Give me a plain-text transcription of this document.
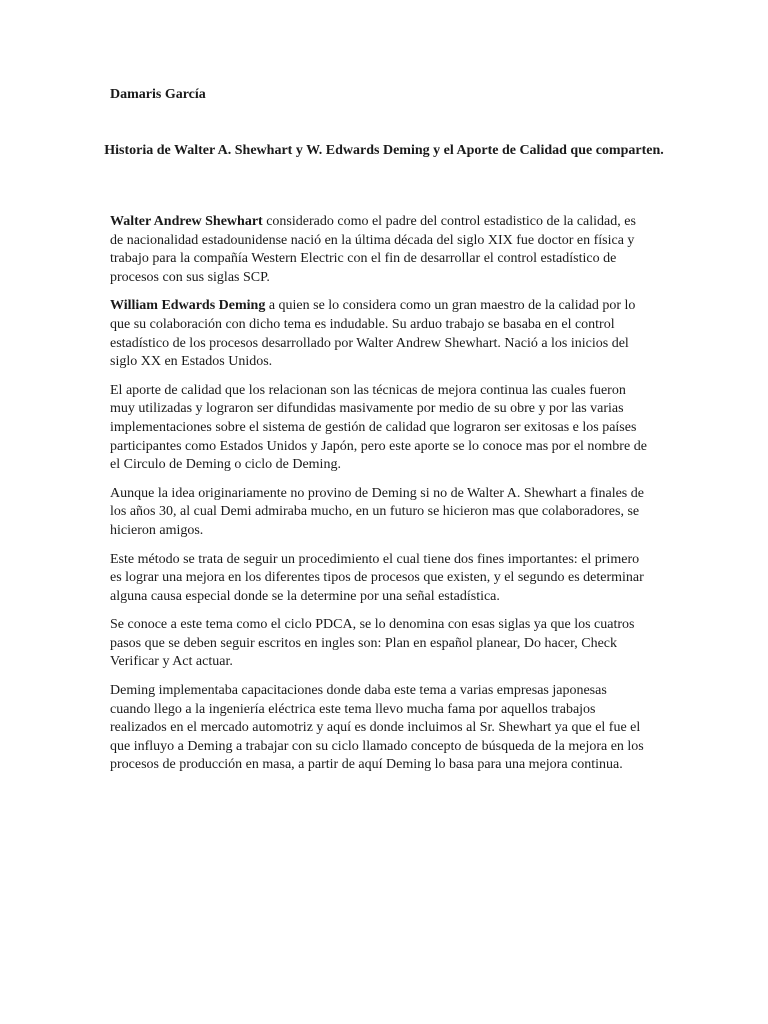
Damaris García
Historia de Walter A. Shewhart y W. Edwards Deming y el Aporte de Calidad que comparten.

Walter Andrew Shewhart considerado como el padre del control estadistico de la calidad, es de nacionalidad estadounidense nació en la última década del siglo XIX fue doctor en física y trabajo para la compañía Western Electric con el fin de desarrollar el control estadístico de procesos con sus siglas SCP.

William Edwards Deming a quien se lo considera como un gran maestro de la calidad por lo que su colaboración con dicho tema es indudable. Su arduo trabajo se basaba en el control estadístico de los procesos desarrollado por Walter Andrew Shewhart. Nació a los inicios del siglo XX en Estados Unidos.

El aporte de calidad que los relacionan son las técnicas de mejora continua las cuales fueron muy utilizadas y lograron ser difundidas masivamente por medio de su obre y por las varias implementaciones sobre el sistema de gestión de calidad que lograron ser exitosas e los países participantes como Estados Unidos y Japón, pero este aporte se lo conoce mas por el nombre de el Circulo de Deming o ciclo de Deming.

Aunque la idea originariamente no provino de Deming si no de Walter A. Shewhart a finales de los años 30, al cual Demi admiraba mucho, en un futuro se hicieron mas que colaboradores, se hicieron amigos.

Este método se trata de seguir un procedimiento el cual tiene dos fines importantes: el primero es lograr una mejora en los diferentes tipos de procesos que existen, y el segundo es determinar alguna causa especial donde se la determine por una señal estadística.

Se conoce a este tema como el ciclo PDCA, se lo denomina con esas siglas ya que los cuatros pasos que se deben seguir escritos en ingles son: Plan en español planear, Do hacer, Check Verificar y Act actuar.

Deming implementaba capacitaciones donde daba este tema a varias empresas japonesas cuando llego a la ingeniería eléctrica este tema llevo mucha fama por aquellos trabajos realizados en el mercado automotriz y aquí es donde incluimos al Sr. Shewhart ya que el fue el que influyo a Deming a trabajar con su ciclo llamado concepto de búsqueda de la mejora en los procesos de producción en masa, a partir de aquí Deming lo basa para una mejora continua.
